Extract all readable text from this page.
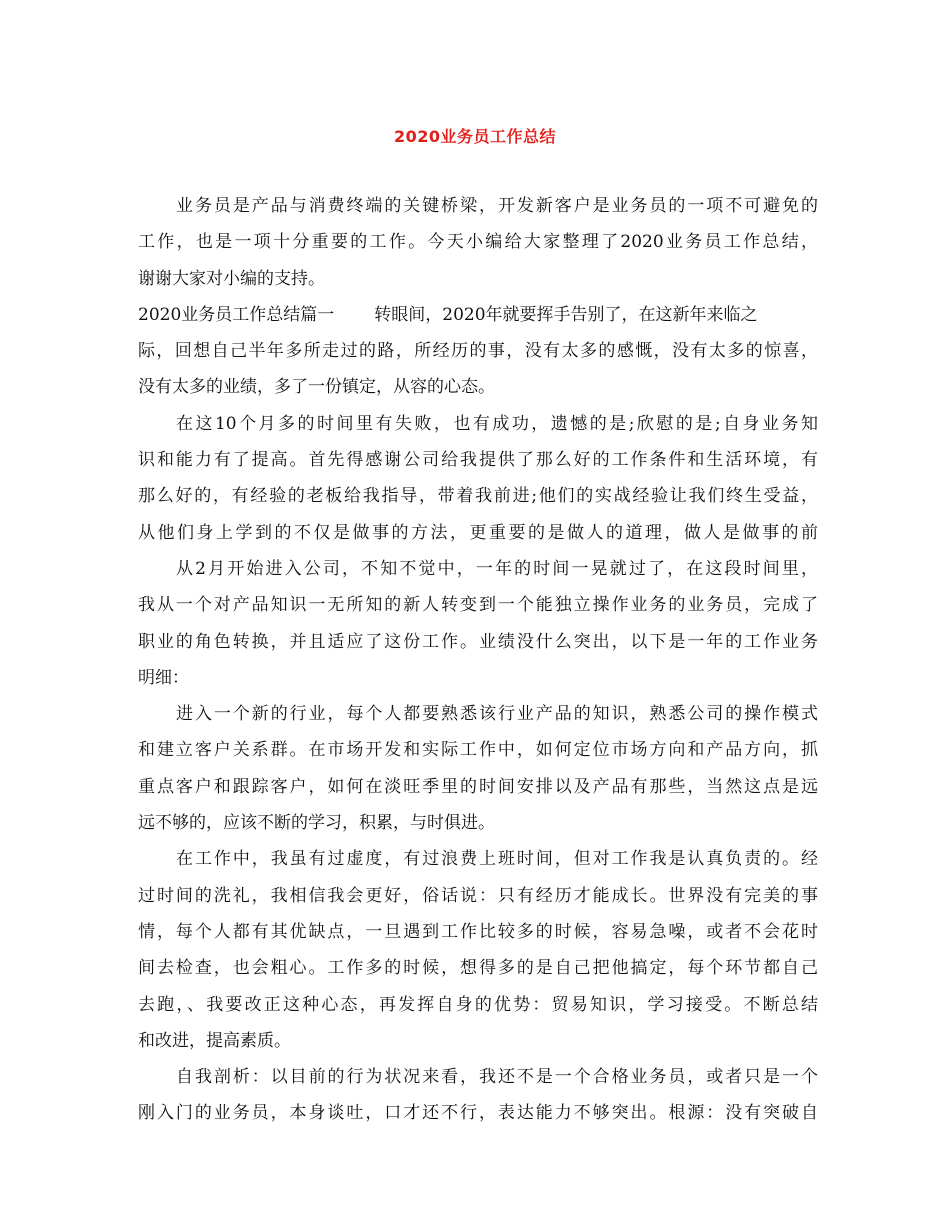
2020业务员工作总结
业务员是产品与消费终端的关键桥梁，开发新客户是业务员的一项不可避免的
工作，也是一项十分重要的工作。今天小编给大家整理了2020业务员工作总结，
谢谢大家对小编的支持。
2020业务员工作总结篇一 转眼间，2020年就要挥手告别了，在这新年来临之
际，回想自己半年多所走过的路，所经历的事，没有太多的感慨，没有太多的惊喜，
没有太多的业绩，多了一份镇定，从容的心态。
在这10个月多的时间里有失败，也有成功，遗憾的是;欣慰的是;自身业务知
识和能力有了提高。首先得感谢公司给我提供了那么好的工作条件和生活环境，有
那么好的，有经验的老板给我指导，带着我前进;他们的实战经验让我们终生受益，
从他们身上学到的不仅是做事的方法，更重要的是做人的道理，做人是做事的前
从2月开始进入公司，不知不觉中，一年的时间一晃就过了，在这段时间里，
我从一个对产品知识一无所知的新人转变到一个能独立操作业务的业务员，完成了
职业的角色转换，并且适应了这份工作。业绩没什么突出，以下是一年的工作业务
明细：
进入一个新的行业，每个人都要熟悉该行业产品的知识，熟悉公司的操作模式
和建立客户关系群。在市场开发和实际工作中，如何定位市场方向和产品方向，抓
重点客户和跟踪客户，如何在淡旺季里的时间安排以及产品有那些，当然这点是远
远不够的，应该不断的学习，积累，与时俱进。
在工作中，我虽有过虚度，有过浪费上班时间，但对工作我是认真负责的。经
过时间的洗礼，我相信我会更好，俗话说：只有经历才能成长。世界没有完美的事
情，每个人都有其优缺点，一旦遇到工作比较多的时候，容易急噪，或者不会花时
间去检查，也会粗心。工作多的时候，想得多的是自己把他搞定，每个环节都自己
去跑，、我要改正这种心态，再发挥自身的优势：贸易知识，学习接受。不断总结
和改进，提高素质。
自我剖析：以目前的行为状况来看，我还不是一个合格业务员，或者只是一个
刚入门的业务员，本身谈吐，口才还不行，表达能力不够突出。根源：没有突破自
